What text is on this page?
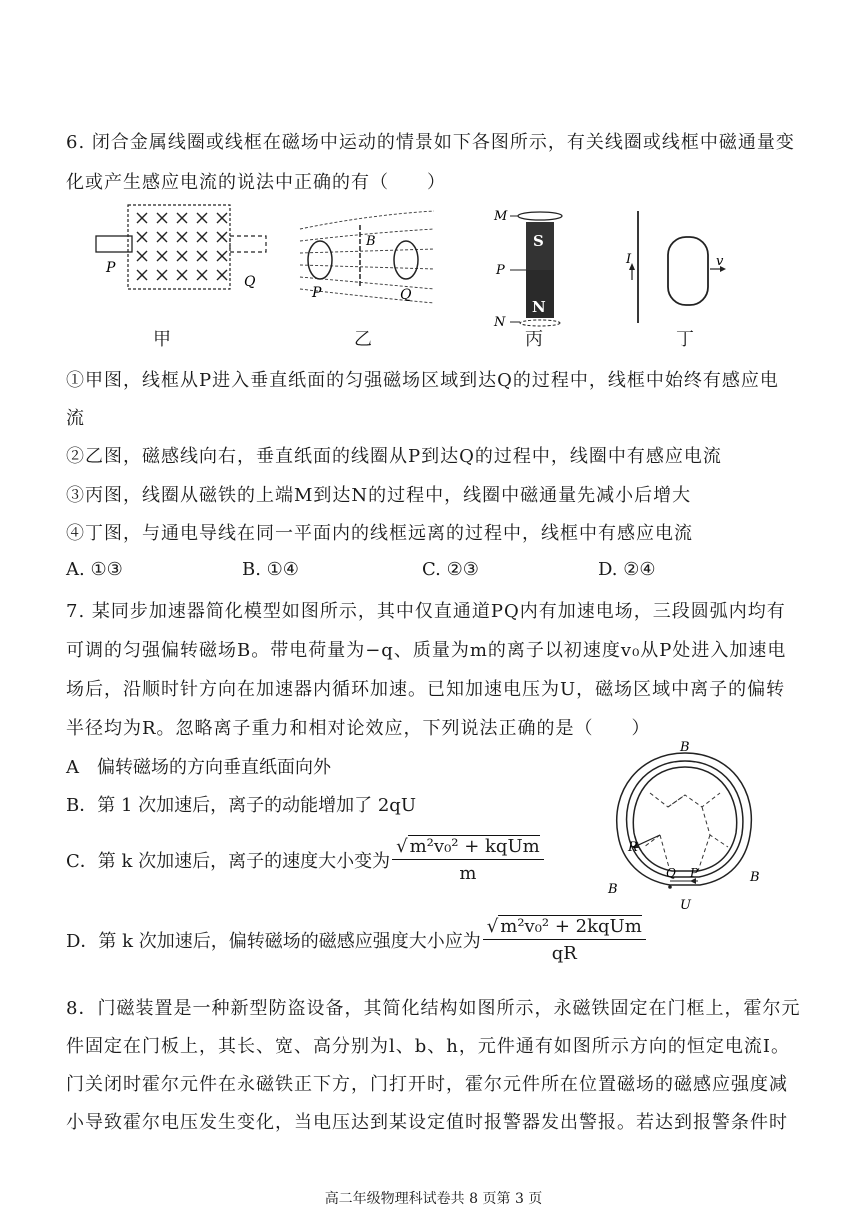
6. 闭合金属线圈或线框在磁场中运动的情景如下各图所示，有关线圈或线框中磁通量变
化或产生感应电流的说法中正确的有（　　）
P
Q
B
P	Q
S
N
M
P
N
I	v
甲	乙	丙	丁
①甲图，线框从P进入垂直纸面的匀强磁场区域到达Q的过程中，线框中始终有感应电
流
②乙图，磁感线向右，垂直纸面的线圈从P到达Q的过程中，线圈中有感应电流
③丙图，线圈从磁铁的上端M到达N的过程中，线圈中磁通量先减小后增大
④丁图，与通电导线在同一平面内的线框远离的过程中，线框中有感应电流
A. ①③	B. ①④	C. ②③	D. ②④
7. 某同步加速器简化模型如图所示，其中仅直通道PQ内有加速电场，三段圆弧内均有
可调的匀强偏转磁场B。带电荷量为−q、质量为m的离子以初速度v₀从P处进入加速电
场后，沿顺时针方向在加速器内循环加速。已知加速电压为U，磁场区域中离子的偏转
半径均为R。忽略离子重力和相对论效应，下列说法正确的是（　　）
A　偏转磁场的方向垂直纸面向外
B．第 1 次加速后，离子的动能增加了 2qU
C．第 k 次加速后，离子的速度大小变为 $\frac{\text{√ m²v₀² + kqUm}}{m}$
D．第 k 次加速后，偏转磁场的磁感应强度大小应为 $\frac{\text{√ m²v₀² + 2kqUm}}{qR}$
B
B
B
R
Q P
U
8．门磁装置是一种新型防盗设备，其简化结构如图所示，永磁铁固定在门框上，霍尔元
件固定在门板上，其长、宽、高分别为l、b、h，元件通有如图所示方向的恒定电流I。
门关闭时霍尔元件在永磁铁正下方，门打开时，霍尔元件所在位置磁场的磁感应强度减
小导致霍尔电压发生变化，当电压达到某设定值时报警器发出警报。若达到报警条件时
高二年级物理科试卷共 8 页第 3 页
